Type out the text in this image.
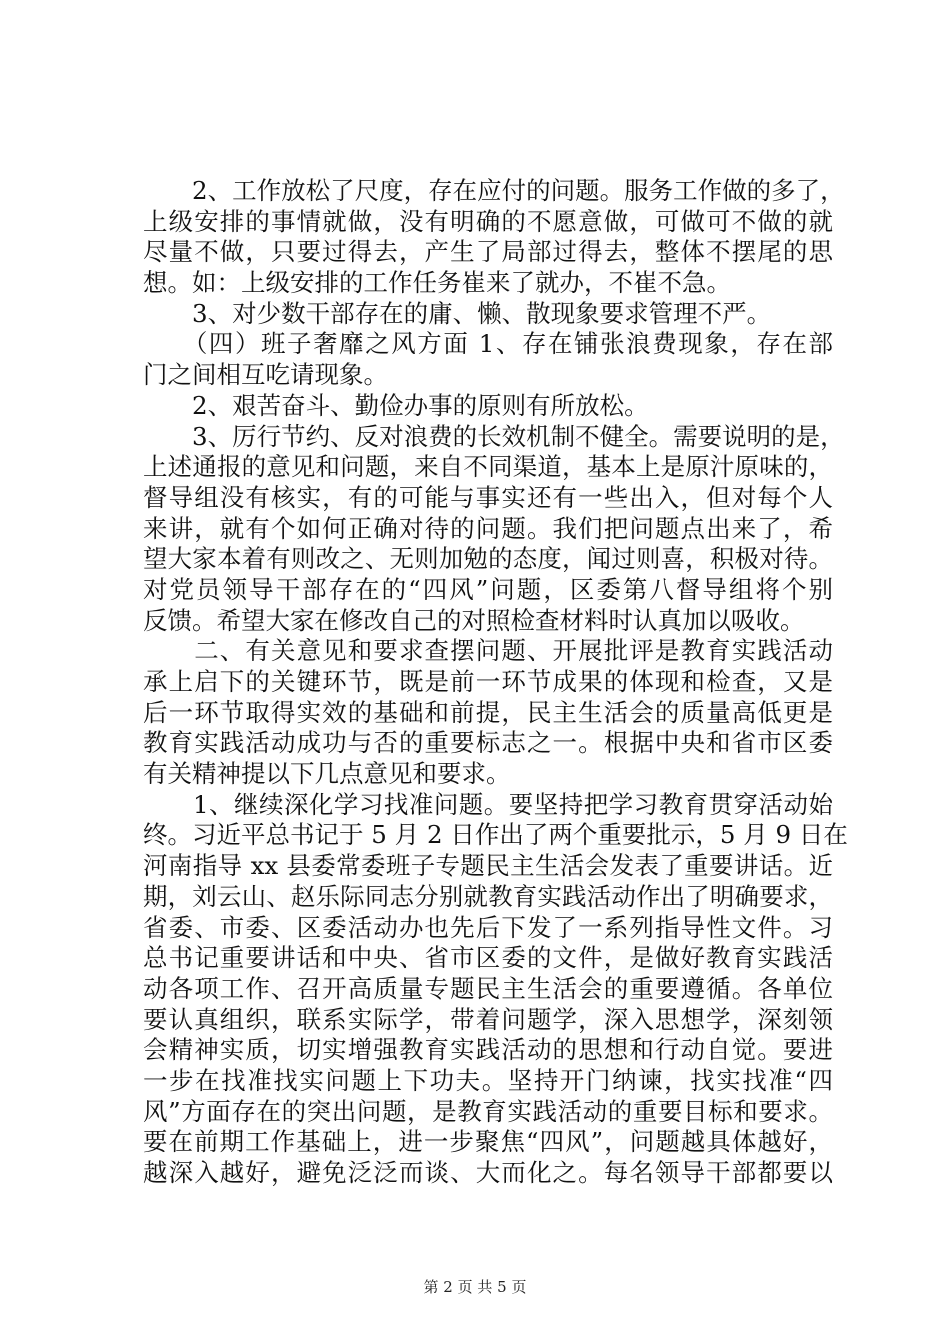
　　2、工作放松了尺度，存在应付的问题。服务工作做的多了，
上级安排的事情就做，没有明确的不愿意做，可做可不做的就
尽量不做，只要过得去，产生了局部过得去，整体不摆尾的思
想。如：上级安排的工作任务崔来了就办，不崔不急。
　　3、对少数干部存在的庸、懒、散现象要求管理不严。
　　（四）班子奢靡之风方面 1、存在铺张浪费现象，存在部
门之间相互吃请现象。
　　2、艰苦奋斗、勤俭办事的原则有所放松。
　　3、厉行节约、反对浪费的长效机制不健全。需要说明的是，
上述通报的意见和问题，来自不同渠道，基本上是原汁原味的，
督导组没有核实，有的可能与事实还有一些出入，但对每个人
来讲，就有个如何正确对待的问题。我们把问题点出来了，希
望大家本着有则改之、无则加勉的态度，闻过则喜，积极对待。
对党员领导干部存在的“四风”问题，区委第八督导组将个别
反馈。希望大家在修改自己的对照检查材料时认真加以吸收。
　　二、有关意见和要求查摆问题、开展批评是教育实践活动
承上启下的关键环节，既是前一环节成果的体现和检查，又是
后一环节取得实效的基础和前提，民主生活会的质量高低更是
教育实践活动成功与否的重要标志之一。根据中央和省市区委
有关精神提以下几点意见和要求。
　　1、继续深化学习找准问题。要坚持把学习教育贯穿活动始
终。习近平总书记于 5 月 2 日作出了两个重要批示，5 月 9 日在
河南指导 xx 县委常委班子专题民主生活会发表了重要讲话。近
期，刘云山、赵乐际同志分别就教育实践活动作出了明确要求，
省委、市委、区委活动办也先后下发了一系列指导性文件。习
总书记重要讲话和中央、省市区委的文件，是做好教育实践活
动各项工作、召开高质量专题民主生活会的重要遵循。各单位
要认真组织，联系实际学，带着问题学，深入思想学，深刻领
会精神实质，切实增强教育实践活动的思想和行动自觉。要进
一步在找准找实问题上下功夫。坚持开门纳谏，找实找准“四
风”方面存在的突出问题，是教育实践活动的重要目标和要求。
要在前期工作基础上，进一步聚焦“四风”，问题越具体越好，
越深入越好，避免泛泛而谈、大而化之。每名领导干部都要以
第 2 页 共 5 页
